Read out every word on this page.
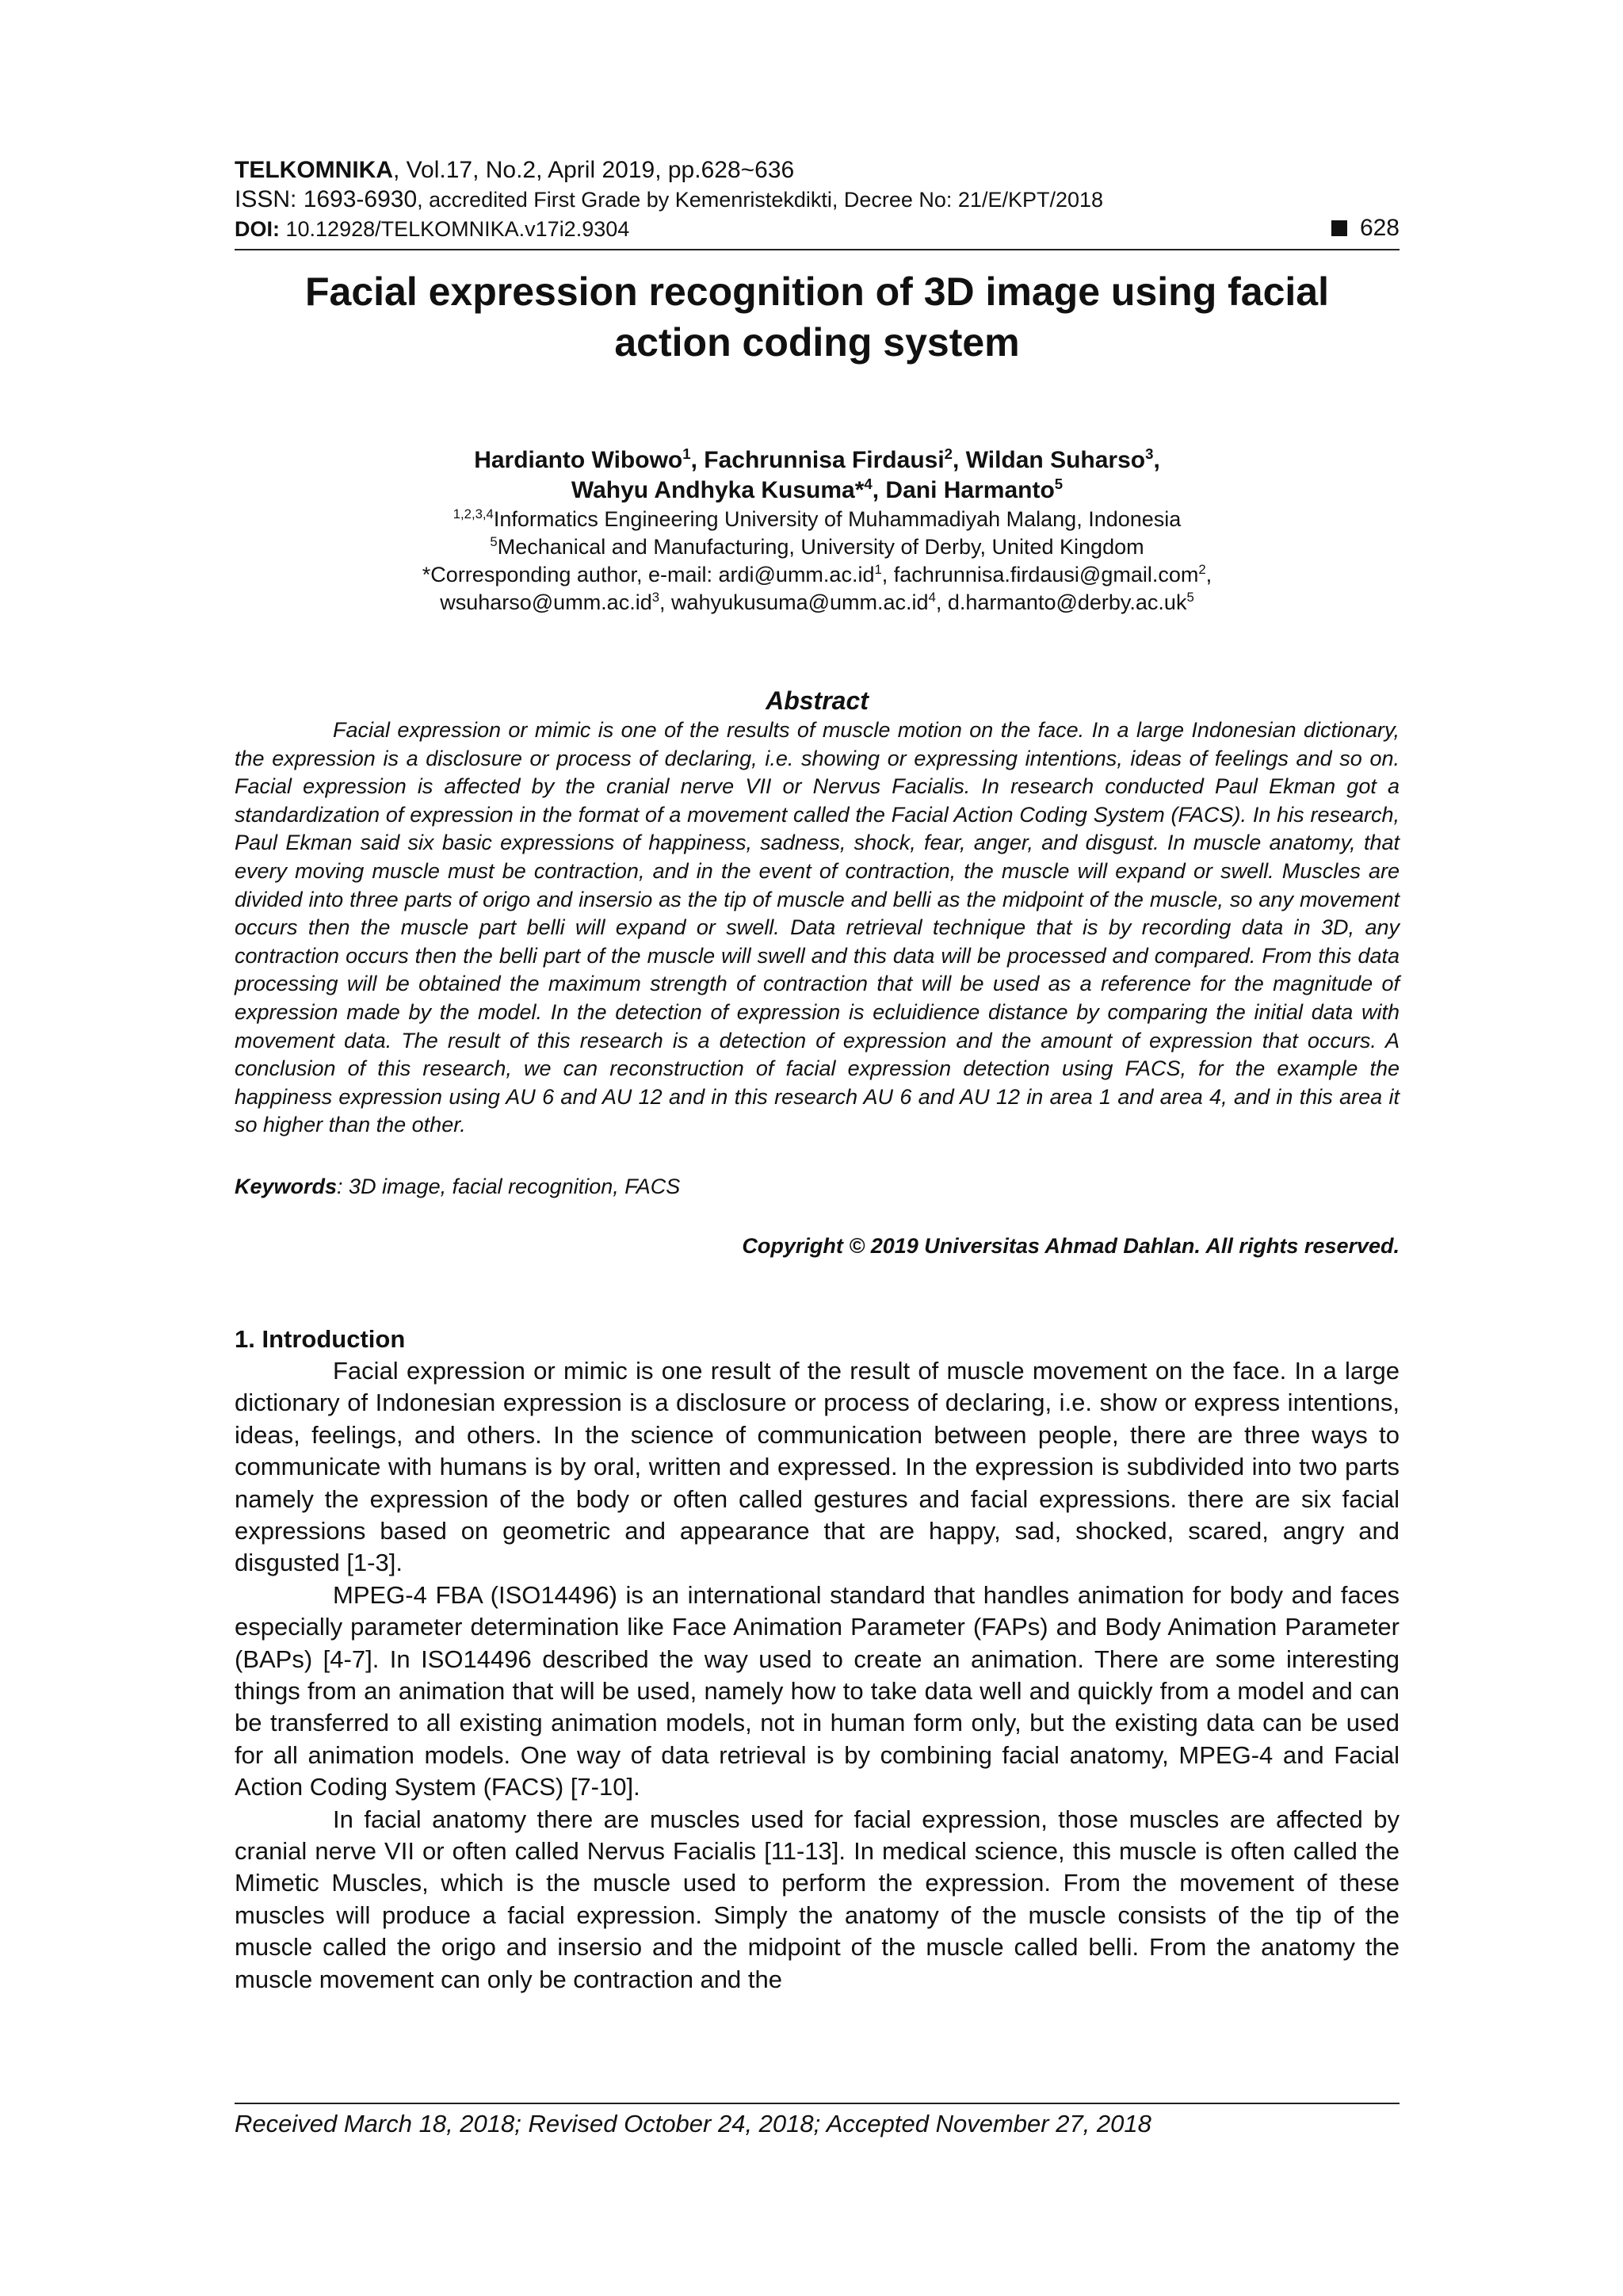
TELKOMNIKA, Vol.17, No.2, April 2019, pp.628~636
ISSN: 1693-6930, accredited First Grade by Kemenristekdikti, Decree No: 21/E/KPT/2018
DOI: 10.12928/TELKOMNIKA.v17i2.9304	628
Facial expression recognition of 3D image using facial action coding system
Hardianto Wibowo$^1$, Fachrunnisa Firdausi$^2$, Wildan Suharso$^3$,
Wahyu Andhyka Kusuma*$^4$, Dani Harmanto$^5$
$^{1,2,3,4}$Informatics Engineering University of Muhammadiyah Malang, Indonesia
$^5$Mechanical and Manufacturing, University of Derby, United Kingdom
*Corresponding author, e-mail: $ardi@umm.ac.id^1$, fachrunnisa.firdausi@gmail.com$^2$,
$wsuharso@umm.ac.id^3$, $wahyukusuma@umm.ac.id^4$, $d.harmanto@derby.ac.uk^5$
Abstract

Facial expression or mimic is one of the results of muscle motion on the face. In a large Indonesian dictionary, the expression is a disclosure or process of declaring, i.e. showing or expressing intentions, ideas of feelings and so on. Facial expression is affected by the cranial nerve VII or Nervus Facialis. In research conducted Paul Ekman got a standardization of expression in the format of a movement called the Facial Action Coding System (FACS). In his research, Paul Ekman said six basic expressions of happiness, sadness, shock, fear, anger, and disgust. In muscle anatomy, that every moving muscle must be contraction, and in the event of contraction, the muscle will expand or swell. Muscles are divided into three parts of origo and insersio as the tip of muscle and belli as the midpoint of the muscle, so any movement occurs then the muscle part belli will expand or swell. Data retrieval technique that is by recording data in 3D, any contraction occurs then the belli part of the muscle will swell and this data will be processed and compared. From this data processing will be obtained the maximum strength of contraction that will be used as a reference for the magnitude of expression made by the model. In the detection of expression is ecluidience distance by comparing the initial data with movement data. The result of this research is a detection of expression and the amount of expression that occurs. A conclusion of this research, we can reconstruction of facial expression detection using FACS, for the example the happiness expression using AU 6 and AU 12 and in this research AU 6 and AU 12 in area 1 and area 4, and in this area it so higher than the other.

Keywords: 3D image, facial recognition, FACS
Copyright © 2019 Universitas Ahmad Dahlan. All rights reserved.
1. Introduction

Facial expression or mimic is one result of the result of muscle movement on the face. In a large dictionary of Indonesian expression is a disclosure or process of declaring, i.e. show or express intentions, ideas, feelings, and others. In the science of communication between people, there are three ways to communicate with humans is by oral, written and expressed. In the expression is subdivided into two parts namely the expression of the body or often called gestures and facial expressions. there are six facial expressions based on geometric and appearance that are happy, sad, shocked, scared, angry and disgusted [1-3].

MPEG-4 FBA (ISO14496) is an international standard that handles animation for body and faces especially parameter determination like Face Animation Parameter (FAPs) and Body Animation Parameter (BAPs) [4-7]. In ISO14496 described the way used to create an animation. There are some interesting things from an animation that will be used, namely how to take data well and quickly from a model and can be transferred to all existing animation models, not in human form only, but the existing data can be used for all animation models. One way of data retrieval is by combining facial anatomy, MPEG-4 and Facial Action Coding System (FACS) [7-10].

In facial anatomy there are muscles used for facial expression, those muscles are affected by cranial nerve VII or often called Nervus Facialis [11-13]. In medical science, this muscle is often called the Mimetic Muscles, which is the muscle used to perform the expression. From the movement of these muscles will produce a facial expression. Simply the anatomy of the muscle consists of the tip of the muscle called the origo and insersio and the midpoint of the muscle called belli. From the anatomy the muscle movement can only be contraction and the

Received March 18, 2018; Revised October 24, 2018; Accepted November 27, 2018
